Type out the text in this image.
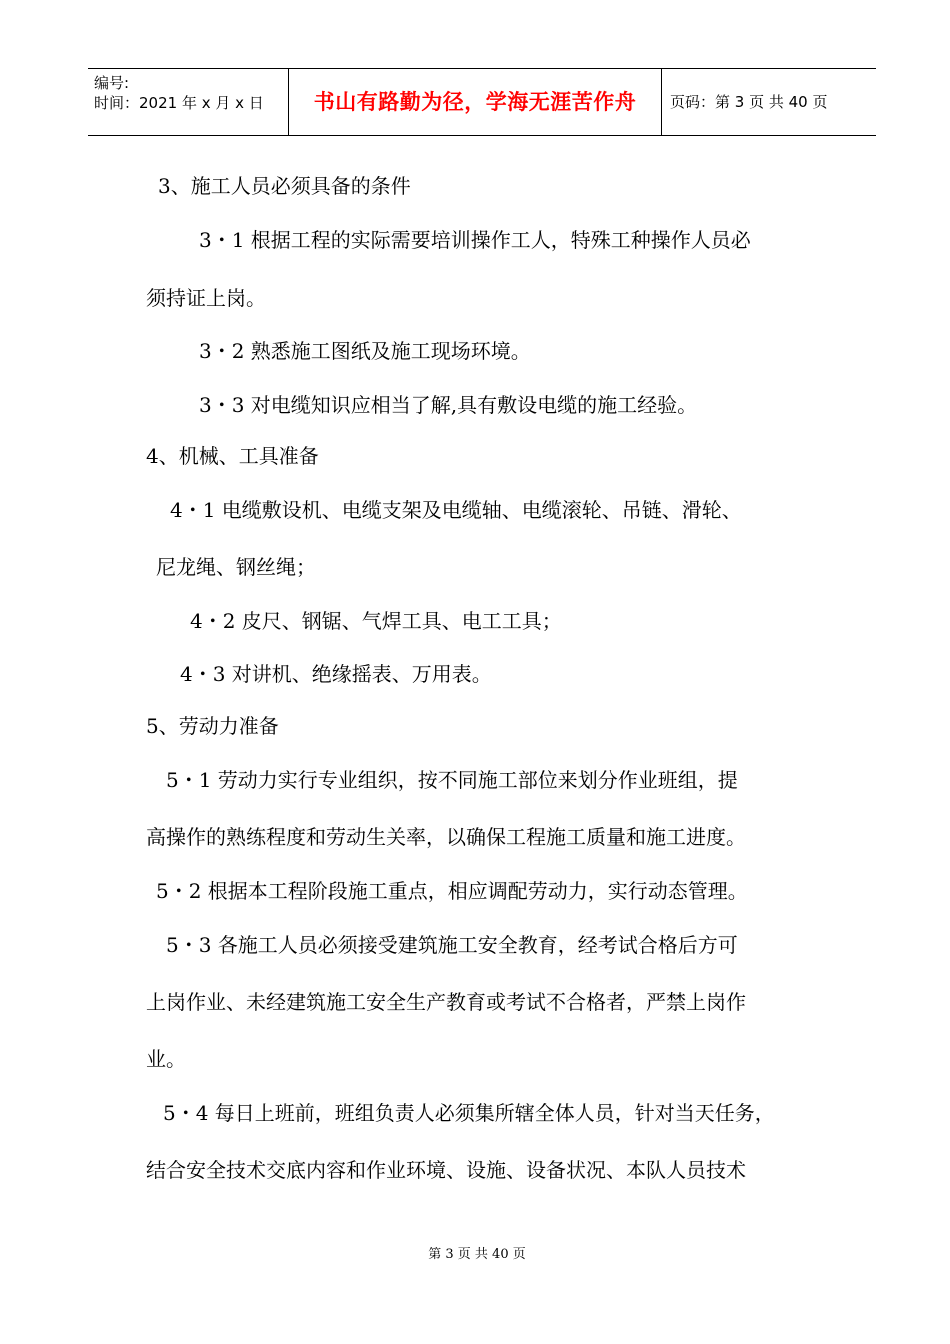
编号:
时间：2021 年 x 月 x 日	书山有路勤为径，学海无涯苦作舟	页码：第 3 页 共 40 页
3、施工人员必须具备的条件
3・1 根据工程的实际需要培训操作工人，特殊工种操作人员必
须持证上岗。
3・2 熟悉施工图纸及施工现场环境。
3・3 对电缆知识应相当了解,具有敷设电缆的施工经验。
4、机械、工具准备
4・1 电缆敷设机、电缆支架及电缆轴、电缆滚轮、吊链、滑轮、
尼龙绳、钢丝绳；
4・2 皮尺、钢锯、气焊工具、电工工具；
4・3 对讲机、绝缘摇表、万用表。
5、劳动力准备
5・1 劳动力实行专业组织，按不同施工部位来划分作业班组，提
高操作的熟练程度和劳动生关率，以确保工程施工质量和施工进度。
5・2 根据本工程阶段施工重点，相应调配劳动力，实行动态管理。
5・3 各施工人员必须接受建筑施工安全教育，经考试合格后方可
上岗作业、未经建筑施工安全生产教育或考试不合格者，严禁上岗作
业。
5・4 每日上班前，班组负责人必须集所辖全体人员，针对当天任务，
结合安全技术交底内容和作业环境、设施、设备状况、本队人员技术
第 3 页 共 40 页
